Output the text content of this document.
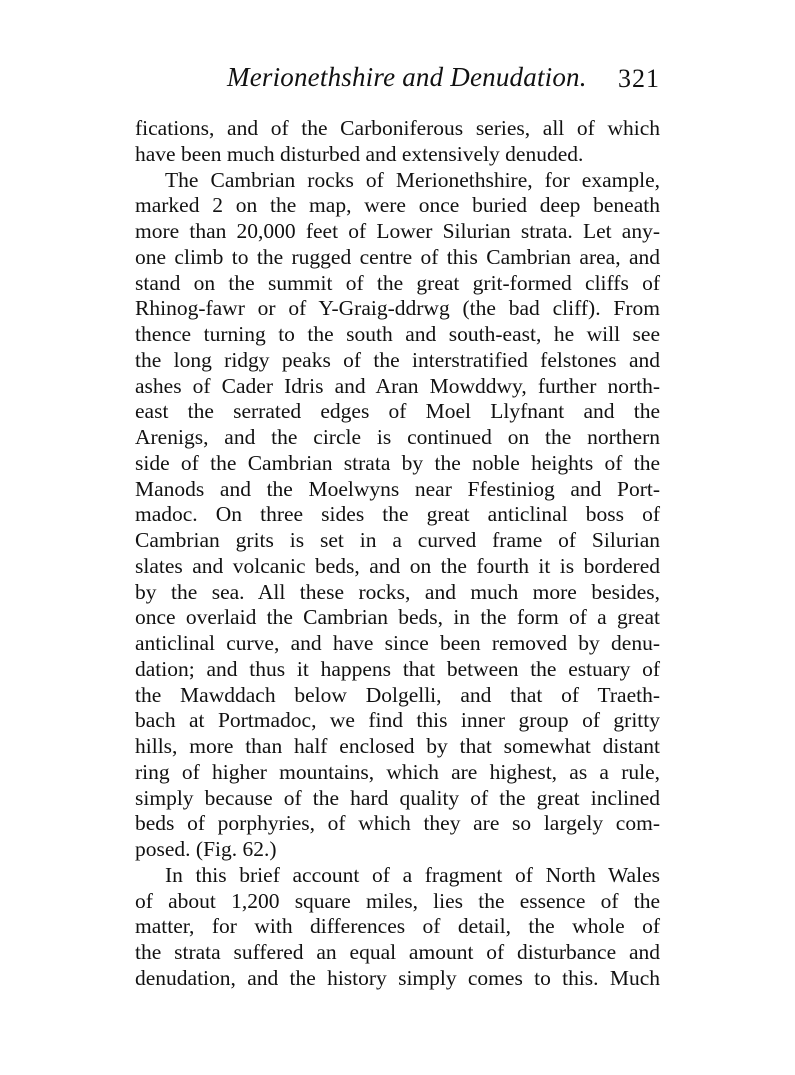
Merionethshire and Denudation. 321
fications, and of the Carboniferous series, all of which
have been much disturbed and extensively denuded.
The Cambrian rocks of Merionethshire, for example,
marked 2 on the map, were once buried deep beneath
more than 20,000 feet of Lower Silurian strata. Let any-
one climb to the rugged centre of this Cambrian area, and
stand on the summit of the great grit-formed cliffs of
Rhinog-fawr or of Y-Graig-ddrwg (the bad cliff). From
thence turning to the south and south-east, he will see
the long ridgy peaks of the interstratified felstones and
ashes of Cader Idris and Aran Mowddwy, further north-
east the serrated edges of Moel Llyfnant and the
Arenigs, and the circle is continued on the northern
side of the Cambrian strata by the noble heights of the
Manods and the Moelwyns near Ffestiniog and Port-
madoc. On three sides the great anticlinal boss of
Cambrian grits is set in a curved frame of Silurian
slates and volcanic beds, and on the fourth it is bordered
by the sea. All these rocks, and much more besides,
once overlaid the Cambrian beds, in the form of a great
anticlinal curve, and have since been removed by denu-
dation; and thus it happens that between the estuary of
the Mawddach below Dolgelli, and that of Traeth-
bach at Portmadoc, we find this inner group of gritty
hills, more than half enclosed by that somewhat distant
ring of higher mountains, which are highest, as a rule,
simply because of the hard quality of the great inclined
beds of porphyries, of which they are so largely com-
posed. (Fig. 62.)
In this brief account of a fragment of North Wales
of about 1,200 square miles, lies the essence of the
matter, for with differences of detail, the whole of
the strata suffered an equal amount of disturbance and
denudation, and the history simply comes to this. Much
